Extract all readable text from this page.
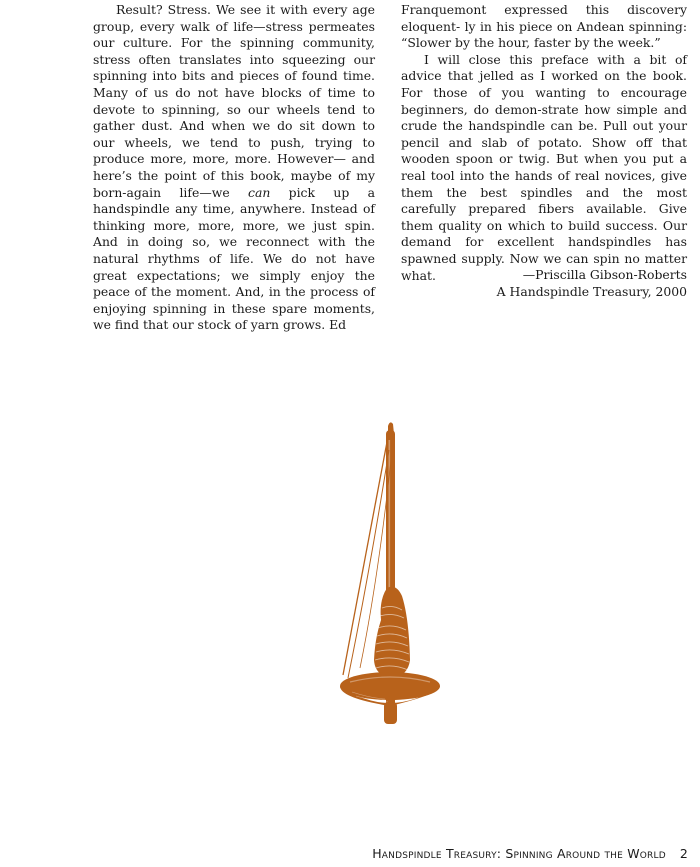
Result? Stress. We see it with every age group, every walk of life—stress permeates our culture. For the spinning community, stress often translates into squeezing our spinning into bits and pieces of found time. Many of us do not have blocks of time to devote to spinning, so our wheels tend to gather dust. And when we do sit down to our wheels, we tend to push, trying to produce more, more, more. However— and here’s the point of this book, maybe of my born-again life—we can pick up a handspindle any time, anywhere. Instead of thinking more, more, more, we just spin. And in doing so, we reconnect with the natural rhythms of life. We do not have great expectations; we simply enjoy the peace of the moment. And, in the process of enjoying spinning in these spare moments, we find that our stock of yarn grows. Ed

Franquemont expressed this discovery eloquent- ly in his piece on Andean spinning: “Slower by the hour, faster by the week.”

I will close this preface with a bit of advice that jelled as I worked on the book. For those of you wanting to encourage beginners, do demon-strate how simple and crude the handspindle can be. Pull out your pencil and slab of potato. Show off that wooden spoon or twig. But when you put a real tool into the hands of real novices, give them the best spindles and the most carefully prepared fibers available. Give them quality on which to build success. Our demand for excellent handspindles has spawned supply. Now we can spin no matter what.	—Priscilla Gibson-Roberts
A Handspindle Treasury, 2000
Handspindle Treasury: Spinning Around the World 2
